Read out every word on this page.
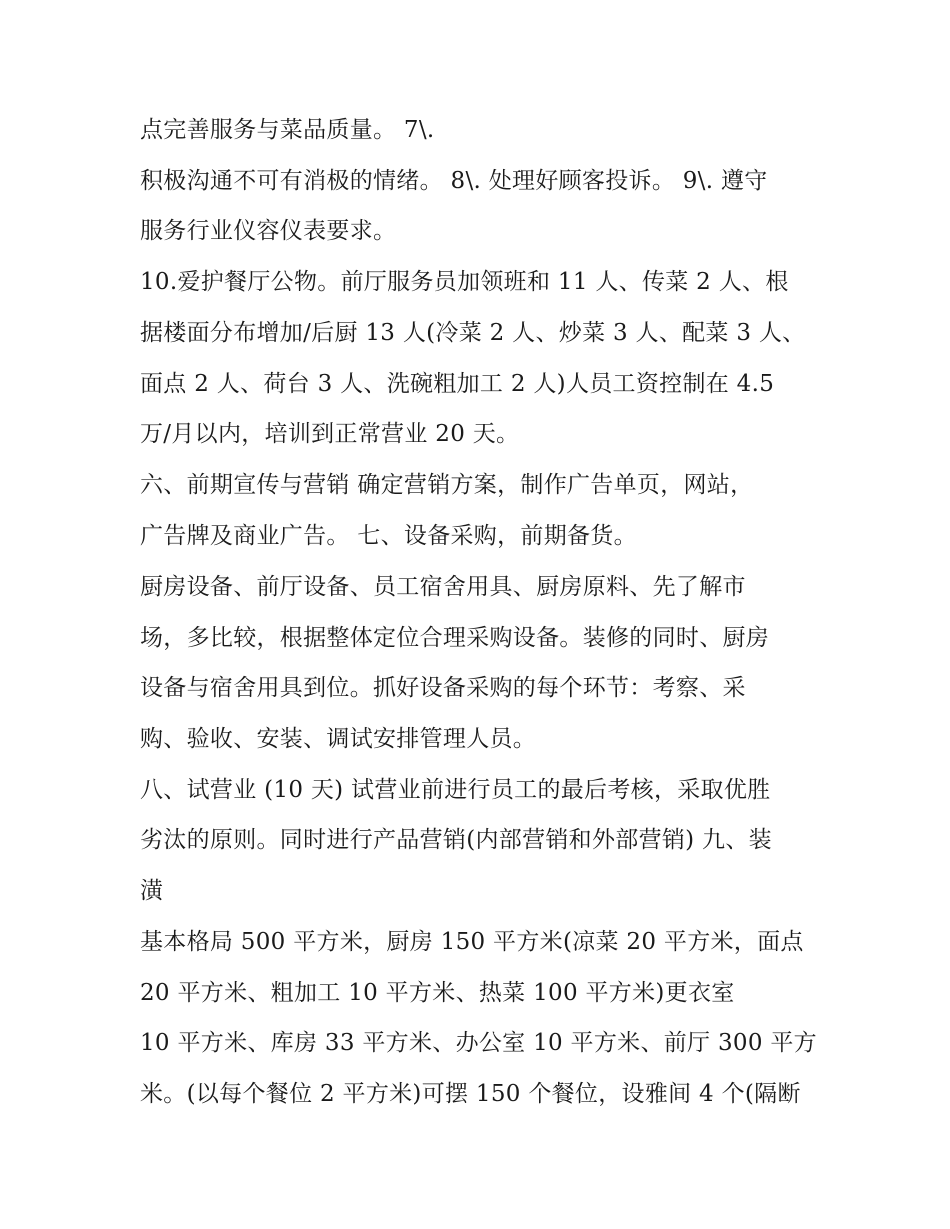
点完善服务与菜品质量。 7\.

积极沟通不可有消极的情绪。 8\. 处理好顾客投诉。 9\. 遵守

服务行业仪容仪表要求。

10.爱护餐厅公物。前厅服务员加领班和 11 人、传菜 2 人、根

据楼面分布增加/后厨 13 人(冷菜 2 人、炒菜 3 人、配菜 3 人、

面点 2 人、荷台 3 人、洗碗粗加工 2 人)人员工资控制在 4.5

万/月以内，培训到正常营业 20 天。

六、前期宣传与营销 确定营销方案，制作广告单页，网站，

广告牌及商业广告。 七、设备采购，前期备货。

厨房设备、前厅设备、员工宿舍用具、厨房原料、先了解市

场，多比较，根据整体定位合理采购设备。装修的同时、厨房

设备与宿舍用具到位。抓好设备采购的每个环节：考察、采

购、验收、安装、调试安排管理人员。

八、试营业 (10 天) 试营业前进行员工的最后考核，采取优胜

劣汰的原则。同时进行产品营销(内部营销和外部营销) 九、装

潢

基本格局 500 平方米，厨房 150 平方米(凉菜 20 平方米，面点

20 平方米、粗加工 10 平方米、热菜 100 平方米)更衣室

10 平方米、库房 33 平方米、办公室 10 平方米、前厅 300 平方

米。(以每个餐位 2 平方米)可摆 150 个餐位，设雅间 4 个(隔断
